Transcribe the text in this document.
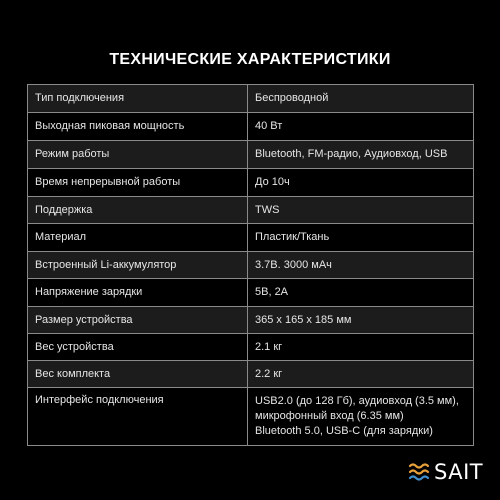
ТЕХНИЧЕСКИЕ ХАРАКТЕРИСТИКИ
Тип подключения	Беспроводной
Выходная пиковая мощность	40 Вт
Режим работы	Bluetooth, FM-радио, Аудиовход, USB
Время непрерывной работы	До 10ч
Поддержка	TWS
Материал	Пластик/Ткань
Встроенный Li-аккумулятор	3.7В. 3000 мАч
Напряжение зарядки	5В, 2А
Размер устройства	365 х 165 х 185 мм
Вес устройства	2.1 кг
Вес комплекта	2.2 кг
Интерфейс подключения	USB2.0 (до 128 Гб), аудиовход (3.5 мм),
микрофонный вход (6.35 мм)
Bluetooth 5.0, USB-C (для зарядки)
SAIT
